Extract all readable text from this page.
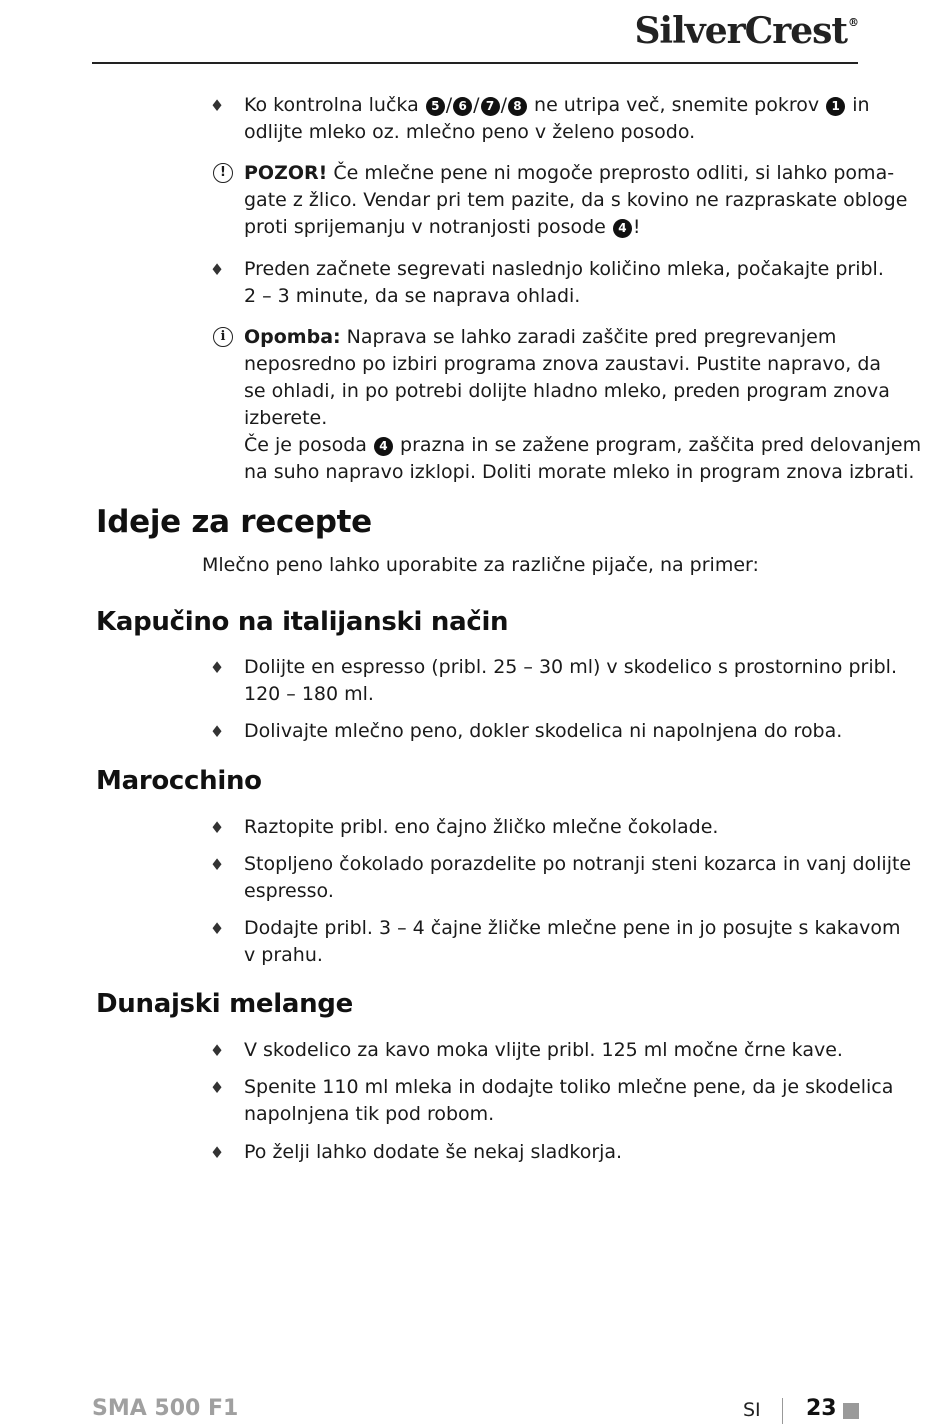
SilverCrest®
♦ Ko kontrolna lučka 5 / 6 / 7 / 8 ne utripa več, snemite pokrov 1 in
odlijte mleko oz. mlečno peno v želeno posodo.
! POZOR! Če mlečne pene ni mogoče preprosto odliti, si lahko poma-
gate z žlico. Vendar pri tem pazite, da s kovino ne razpraskate obloge
proti sprijemanju v notranjosti posode 4 !
♦ Preden začnete segrevati naslednjo količino mleka, počakajte pribl.
2 – 3 minute, da se naprava ohladi.
i Opomba: Naprava se lahko zaradi zaščite pred pregrevanjem
neposredno po izbiri programa znova zaustavi. Pustite napravo, da
se ohladi, in po potrebi dolijte hladno mleko, preden program znova
izberete.
Če je posoda 4 prazna in se zažene program, zaščita pred delovanjem
na suho napravo izklopi. Doliti morate mleko in program znova izbrati.
Ideje za recepte
Mlečno peno lahko uporabite za različne pijače, na primer:
Kapučino na italijanski način
♦ Dolijte en espresso (pribl. 25 – 30 ml) v skodelico s prostornino pribl.
120 – 180 ml.
♦ Dolivajte mlečno peno, dokler skodelica ni napolnjena do roba.
Marocchino
♦ Raztopite pribl. eno čajno žličko mlečne čokolade.
♦ Stopljeno čokolado porazdelite po notranji steni kozarca in vanj dolijte
espresso.
♦ Dodajte pribl. 3 – 4 čajne žličke mlečne pene in jo posujte s kakavom
v prahu.
Dunajski melange
♦ V skodelico za kavo moka vlijte pribl. 125 ml močne črne kave.
♦ Spenite 110 ml mleka in dodajte toliko mlečne pene, da je skodelica
napolnjena tik pod robom.
♦ Po želji lahko dodate še nekaj sladkorja.
SMA 500 F1	SI 23
